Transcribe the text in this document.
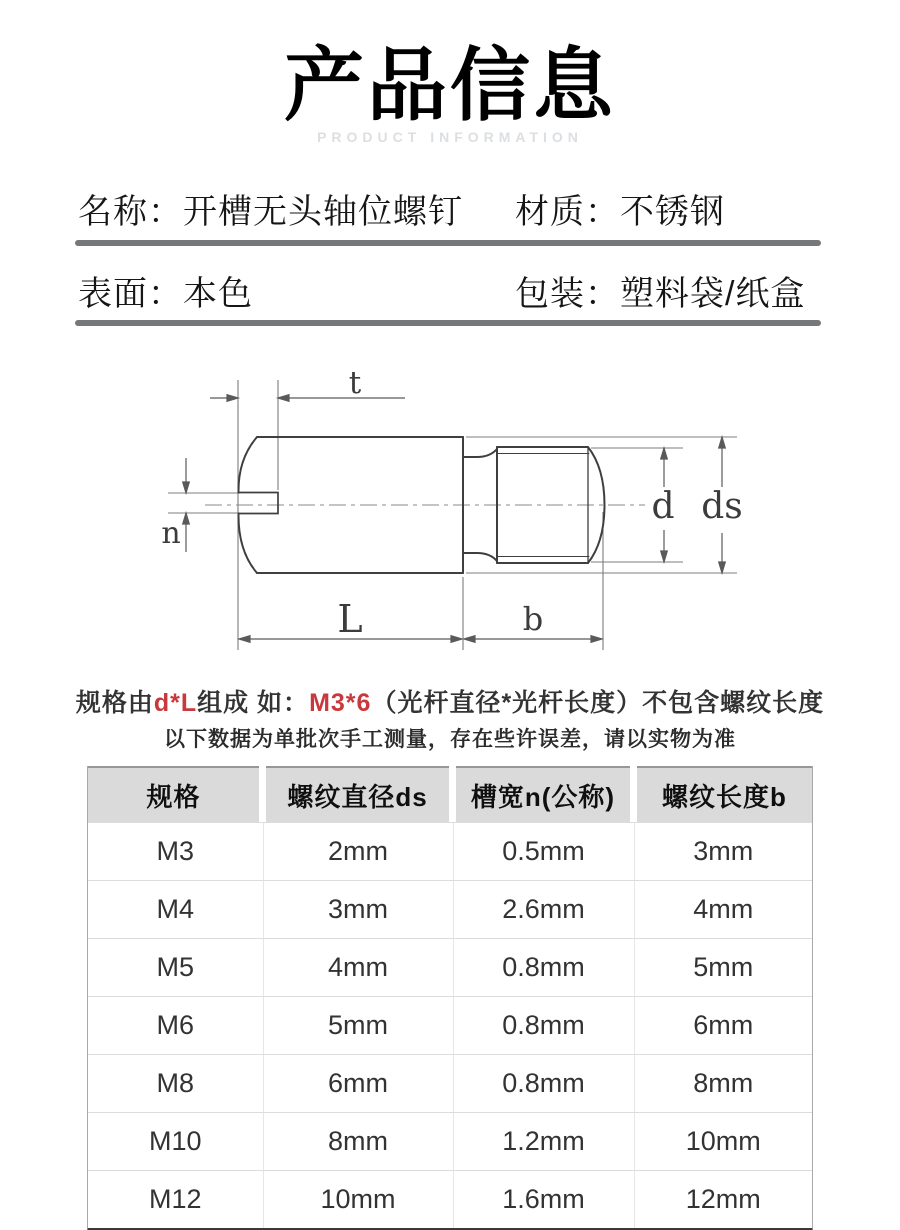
产品信息
PRODUCT INFORMATION
名称：开槽无头轴位螺钉 材质：不锈钢
表面：本色	包装：塑料袋/纸盒
t
n
d ds
L	b
规格由d*L组成 如：M3*6（光杆直径*光杆长度）不包含螺纹长度
以下数据为单批次手工测量，存在些许误差，请以实物为准
规格	螺纹直径ds	槽宽n(公称)	螺纹长度b
M3	2mm	0.5mm	3mm
M4	3mm	2.6mm	4mm
M5	4mm	0.8mm	5mm
M6	5mm	0.8mm	6mm
M8	6mm	0.8mm	8mm
M10	8mm	1.2mm	10mm
M12	10mm	1.6mm	12mm
